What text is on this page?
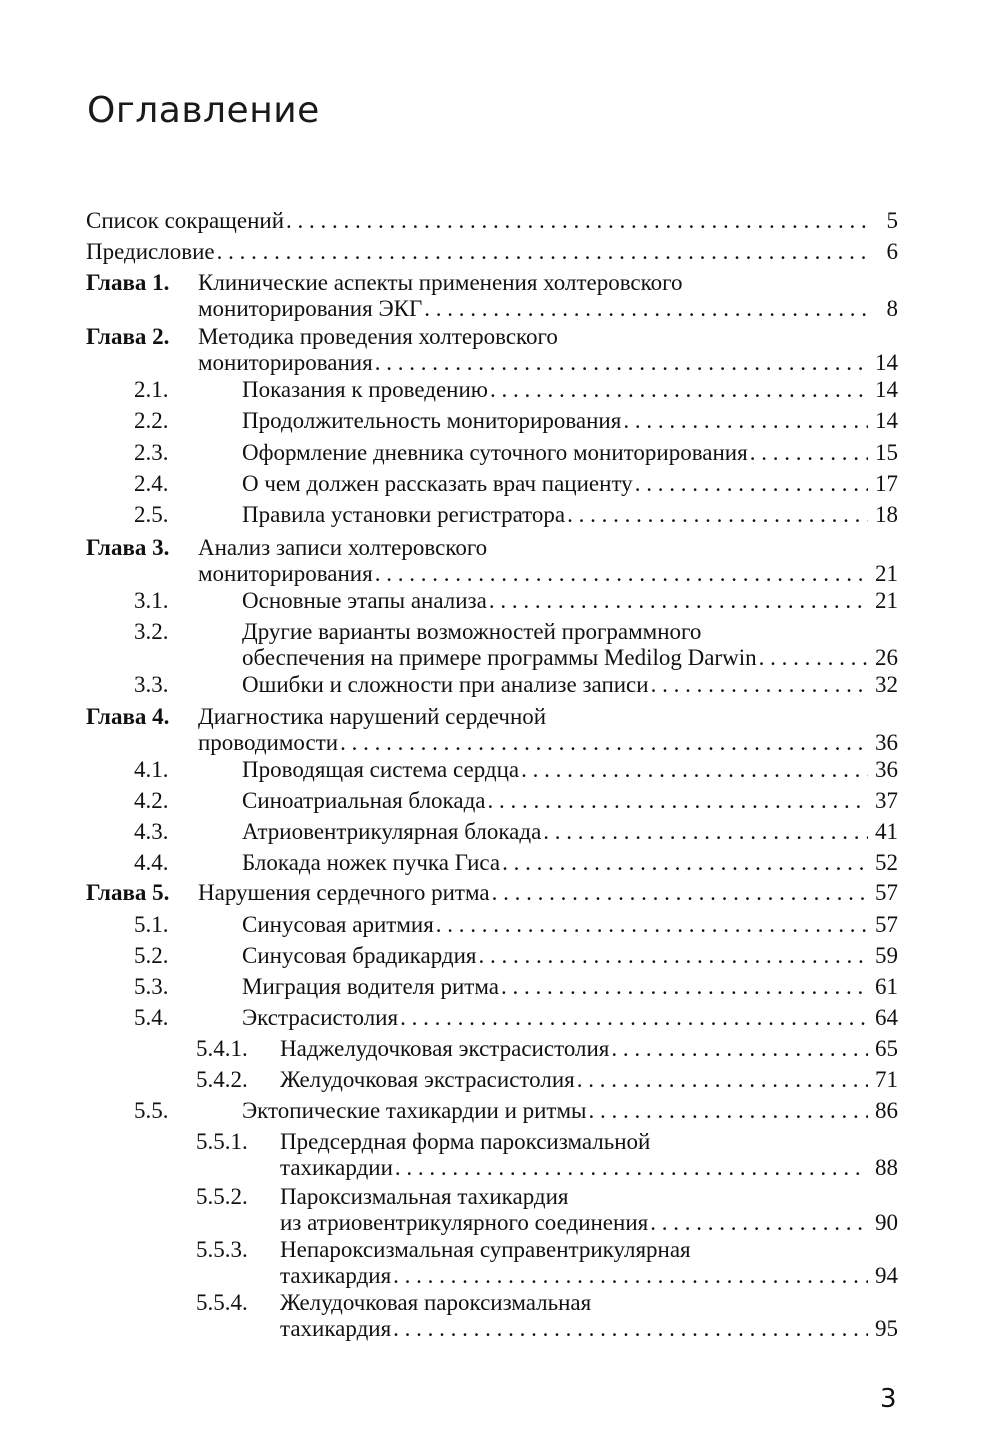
Оглавление
Список сокращений . . .	5
Предисловие . . .	6
Глава 1.	Клинические аспекты применения холтеровского
мониторирования ЭКГ . . .	8
Глава 2.	Методика проведения холтеровского
мониторирования . . .	14
2.1.	Показания к проведению . . .	14
2.2.	Продолжительность мониторирования . . .	14
2.3.	Оформление дневника суточного мониторирования . . .	15
2.4.	О чем должен рассказать врач пациенту . . .	17
2.5.	Правила установки регистратора . . .	18
Глава 3.	Анализ записи холтеровского
мониторирования . . .	21
3.1.	Основные этапы анализа . . .	21
3.2.	Другие варианты возможностей программного
обеспечения на примере программы Medilog Darwin . . .	26
3.3.	Ошибки и сложности при анализе записи . . .	32
Глава 4.	Диагностика нарушений сердечной
проводимости . . .	36
4.1.	Проводящая система сердца . . .	36
4.2.	Синоатриальная блокада . . .	37
4.3.	Атриовентрикулярная блокада . . .	41
4.4.	Блокада ножек пучка Гиса . . .	52
Глава 5.	Нарушения сердечного ритма . . .	57
5.1.	Синусовая аритмия . . .	57
5.2.	Синусовая брадикардия . . .	59
5.3.	Миграция водителя ритма . . .	61
5.4.	Экстрасистолия . . .	64
5.4.1.	Наджелудочковая экстрасистолия . . .	65
5.4.2.	Желудочковая экстрасистолия . . .	71
5.5.	Эктопические тахикардии и ритмы . . .	86
5.5.1.	Предсердная форма пароксизмальной
тахикардии . . .	88
5.5.2.	Пароксизмальная тахикардия
из атриовентрикулярного соединения . . .	90
5.5.3.	Непароксизмальная суправентрикулярная
тахикардия . . .	94
5.5.4.	Желудочковая пароксизмальная
тахикардия . . .	95
3
